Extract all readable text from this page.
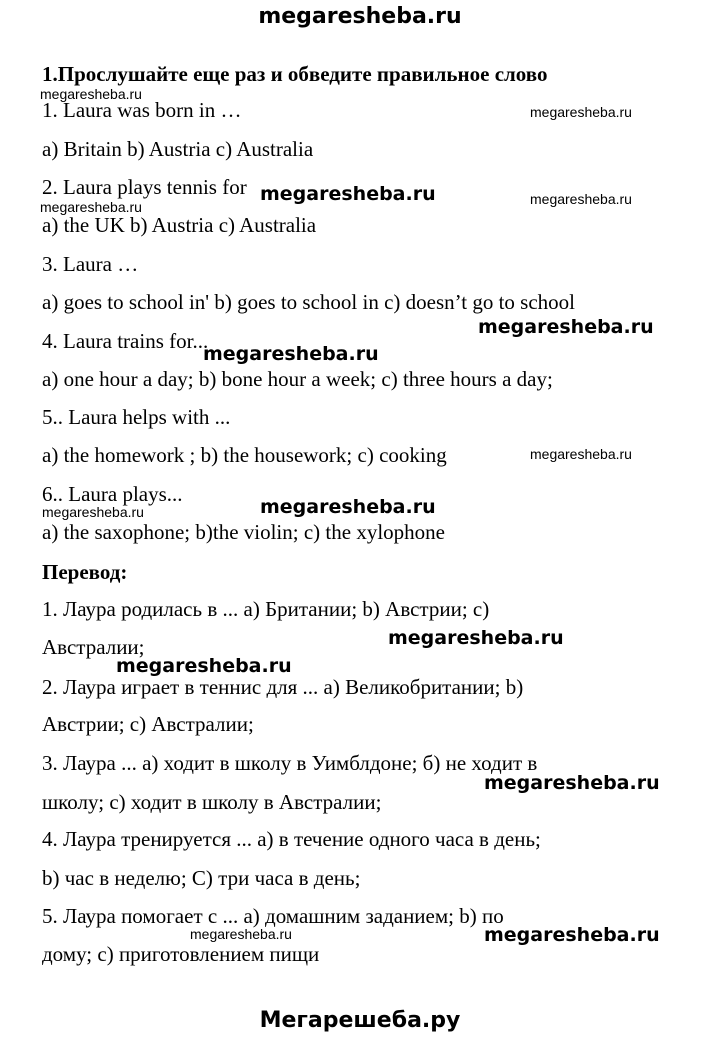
megaresheba.ru
1.Прослушайте еще раз и обведите правильное слово
1. Laura was born in …
a) Britain b) Austria c) Australia
2. Laura plays tennis for
a) the UK b) Austria c) Australia
3. Laura …
a) goes to school in' b) goes to school in c) doesn’t go to school
4. Laura trains for...
a) one hour a day; b) bone hour a week; c) three hours a day;
5.. Laura helps with ...
a) the homework ; b) the housework; c) cooking
6.. Laura plays...
a) the saxophone; b)the violin; c) the xylophone
Перевод:
1. Лаура родилась в ... а) Британии; b) Австрии; c)
Австралии;
2. Лаура играет в теннис для ... а) Великобритании; b)
Австрии; c) Австралии;
3. Лаура ... а) ходит в школу в Уимблдоне; б) не ходит в
школу; c) ходит в школу в Австралии;
4. Лаура тренируется ... a) в течение одного часа в день;
b) час в неделю; C) три часа в день;
5. Лаура помогает с ... a) домашним заданием; b) по
дому; c) приготовлением пищи
megaresheba.ru
megaresheba.ru
megaresheba.ru	megaresheba.ru
megaresheba.ru
megaresheba.ru
megaresheba.ru
megaresheba.ru
megaresheba.ru
megaresheba.ru
megaresheba.ru
megaresheba.ru
megaresheba.ru
megaresheba.ru	megaresheba.ru
Мегарешеба.ру
